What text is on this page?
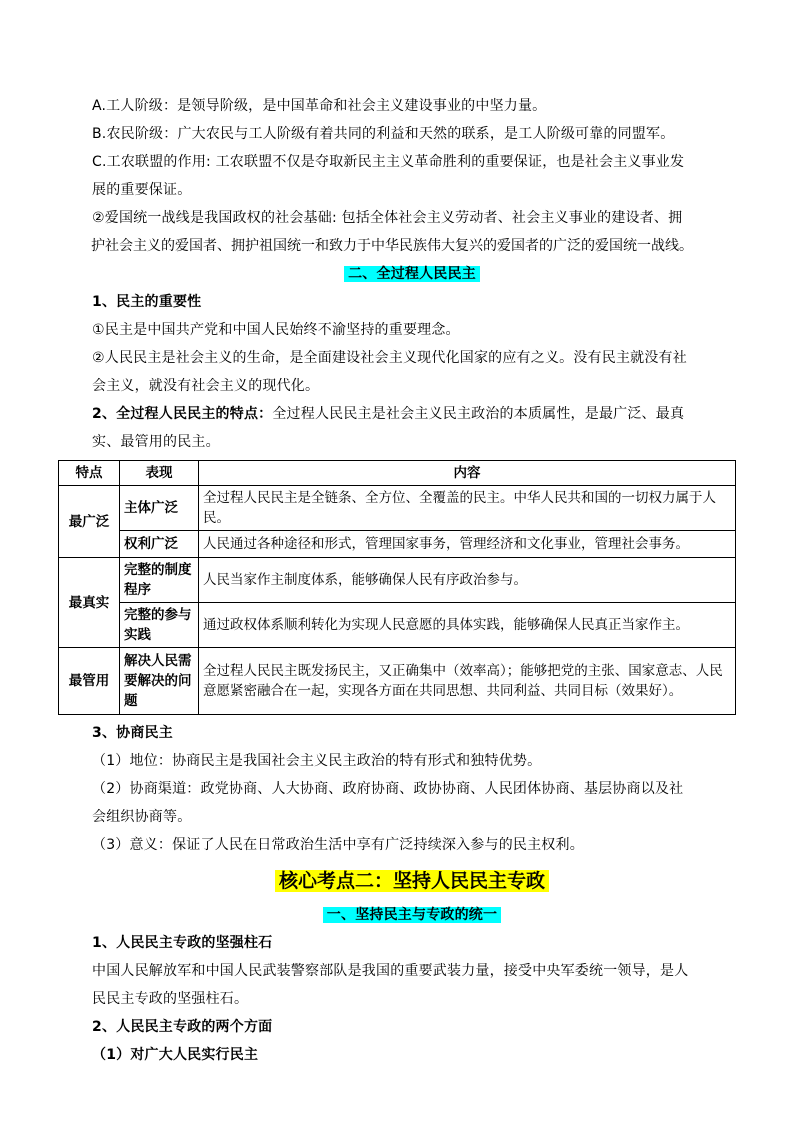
A.工人阶级：是领导阶级，是中国革命和社会主义建设事业的中坚力量。

B.农民阶级：广大农民与工人阶级有着共同的利益和天然的联系，是工人阶级可靠的同盟军。

C.工农联盟的作用: 工农联盟不仅是夺取新民主主义革命胜利的重要保证，也是社会主义事业发

展的重要保证。

②爱国统一战线是我国政权的社会基础: 包括全体社会主义劳动者、社会主义事业的建设者、拥

护社会主义的爱国者、拥护祖国统一和致力于中华民族伟大复兴的爱国者的广泛的爱国统一战线。

二、全过程人民民主

1、民主的重要性

①民主是中国共产党和中国人民始终不渝坚持的重要理念。

②人民民主是社会主义的生命，是全面建设社会主义现代化国家的应有之义。没有民主就没有社

会主义，就没有社会主义的现代化。

2、全过程人民民主的特点：全过程人民民主是社会主义民主政治的本质属性，是最广泛、最真

实、最管用的民主。

特点	表现	内容
最广泛	主体广泛	全过程人民民主是全链条、全方位、全覆盖的民主。中华人民共和国的一切权力属于人民。
	权利广泛	人民通过各种途径和形式，管理国家事务，管理经济和文化事业，管理社会事务。
最真实	完整的制度程序	人民当家作主制度体系，能够确保人民有序政治参与。
	完整的参与实践	通过政权体系顺利转化为实现人民意愿的具体实践，能够确保人民真正当家作主。
最管用	解决人民需要解决的问题	全过程人民民主既发扬民主，又正确集中（效率高）；能够把党的主张、国家意志、人民意愿紧密融合在一起，实现各方面在共同思想、共同利益、共同目标（效果好）。

3、协商民主

（1）地位：协商民主是我国社会主义民主政治的特有形式和独特优势。

（2）协商渠道：政党协商、人大协商、政府协商、政协协商、人民团体协商、基层协商以及社

会组织协商等。

（3）意义：保证了人民在日常政治生活中享有广泛持续深入参与的民主权利。

核心考点二：坚持人民民主专政

一、坚持民主与专政的统一

1、人民民主专政的坚强柱石

中国人民解放军和中国人民武装警察部队是我国的重要武装力量，接受中央军委统一领导，是人

民民主专政的坚强柱石。

2、人民民主专政的两个方面

（1）对广大人民实行民主
